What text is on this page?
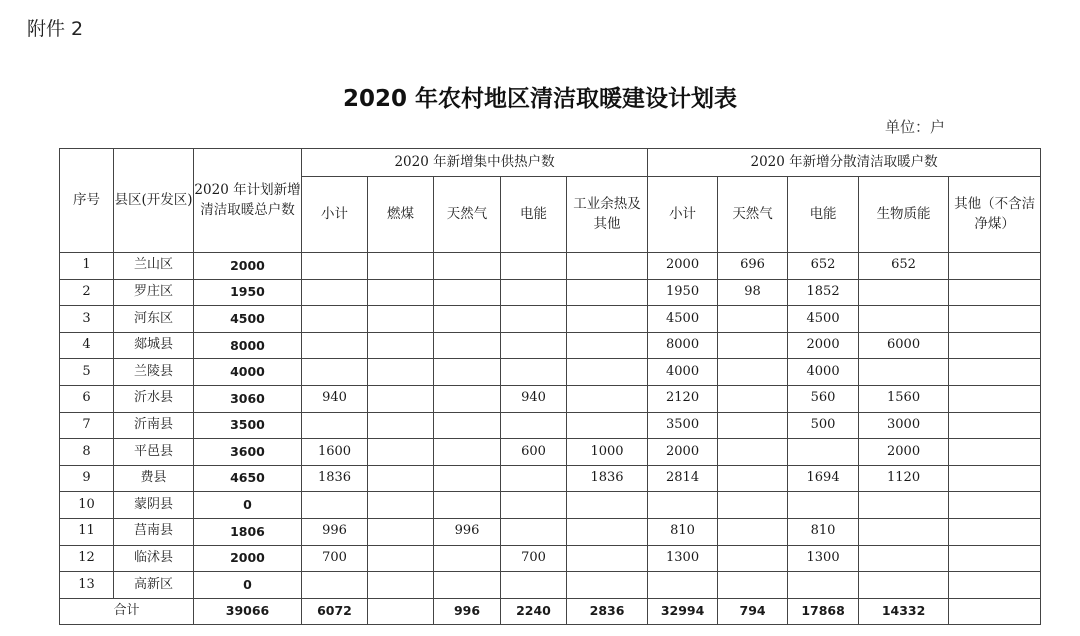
附件 2
2020 年农村地区清洁取暖建设计划表
单位：户
序号	县区(开发区)	2020 年计划新增清洁取暖总户数	2020 年新增集中供热户数					2020 年新增分散清洁取暖户数				
			小计	燃煤	天然气	电能	工业余热及其他	小计	天然气	电能	生物质能	其他（不含洁净煤）
1	兰山区	2000						2000	696	652	652	
2	罗庄区	1950						1950	98	1852		
3	河东区	4500						4500		4500		
4	郯城县	8000						8000		2000	6000	
5	兰陵县	4000						4000		4000		
6	沂水县	3060	940			940		2120		560	1560	
7	沂南县	3500						3500		500	3000	
8	平邑县	3600	1600			600	1000	2000			2000	
9	费县	4650	1836				1836	2814		1694	1120	
10	蒙阴县	0										
11	莒南县	1806	996		996			810		810		
12	临沭县	2000	700			700		1300		1300		
13	高新区	0										
合计		39066	6072		996	2240	2836	32994	794	17868	14332	
